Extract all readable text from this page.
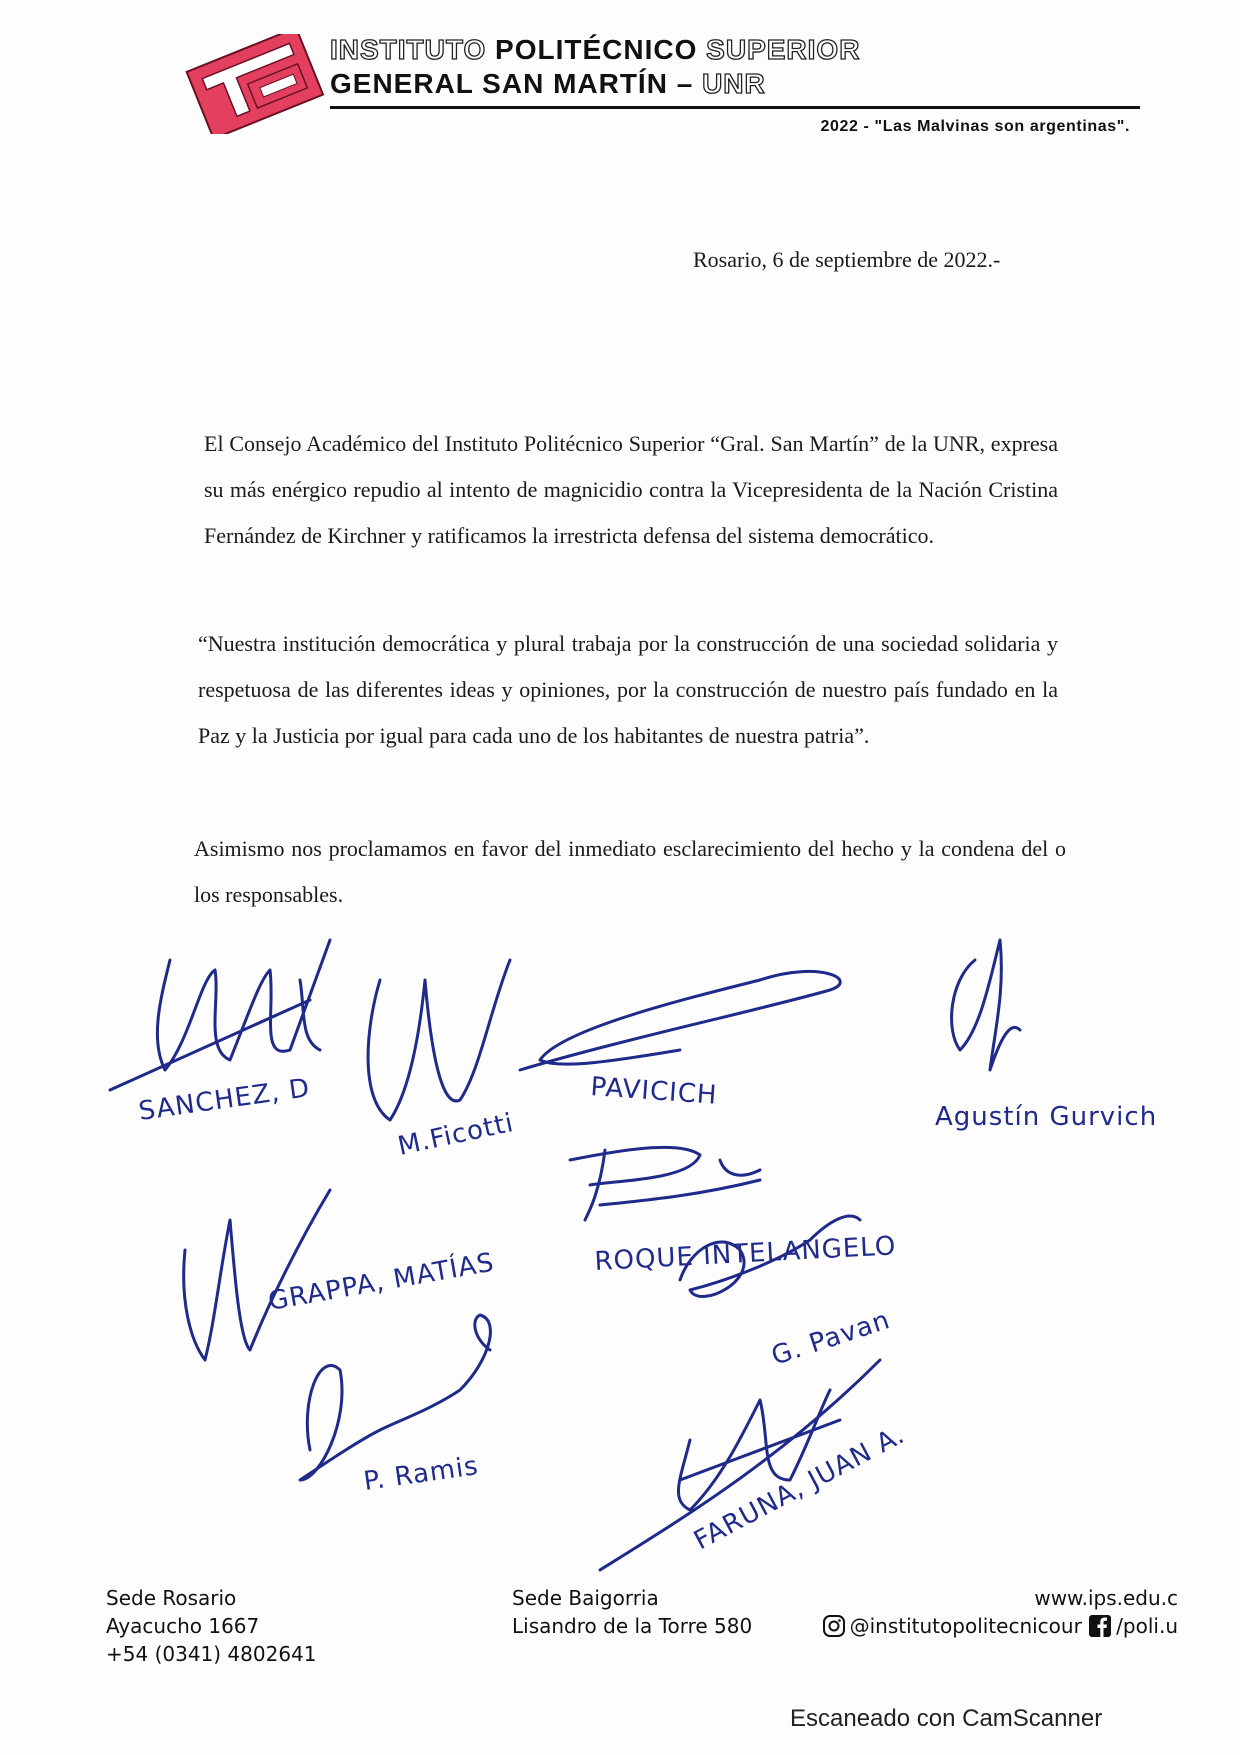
INSTITUTO POLITÉCNICO SUPERIOR
GENERAL SAN MARTÍN – UNR
2022 - "Las Malvinas son argentinas".
Rosario, 6 de septiembre de 2022.-

El Consejo Académico del Instituto Politécnico Superior “Gral. San Martín” de la UNR, expresa su más enérgico repudio al intento de magnicidio contra la Vicepresidenta de la Nación Cristina Fernández de Kirchner y ratificamos la irrestricta defensa del sistema democrático.

“Nuestra institución democrática y plural trabaja por la construcción de una sociedad solidaria y respetuosa de las diferentes ideas y opiniones, por la construcción de nuestro país fundado en la Paz y la Justicia por igual para cada uno de los habitantes de nuestra patria”.

Asimismo nos proclamamos en favor del inmediato esclarecimiento del hecho y la condena del o los responsables.

SANCHEZ, D
M.Ficotti
PAVICICH
Agustín Gurvich
ROQUE INTELANGELO
GRAPPA, MATÍAS
P. Ramis
G. Pavan
FARUNA, JUAN A.
Sede Rosario
Ayacucho 1667
+54 (0341) 4802641
Sede Baigorria
Lisandro de la Torre 580
www.ips.edu.c
@institutopolitecnicour
/poli.u
Escaneado con CamScanner
